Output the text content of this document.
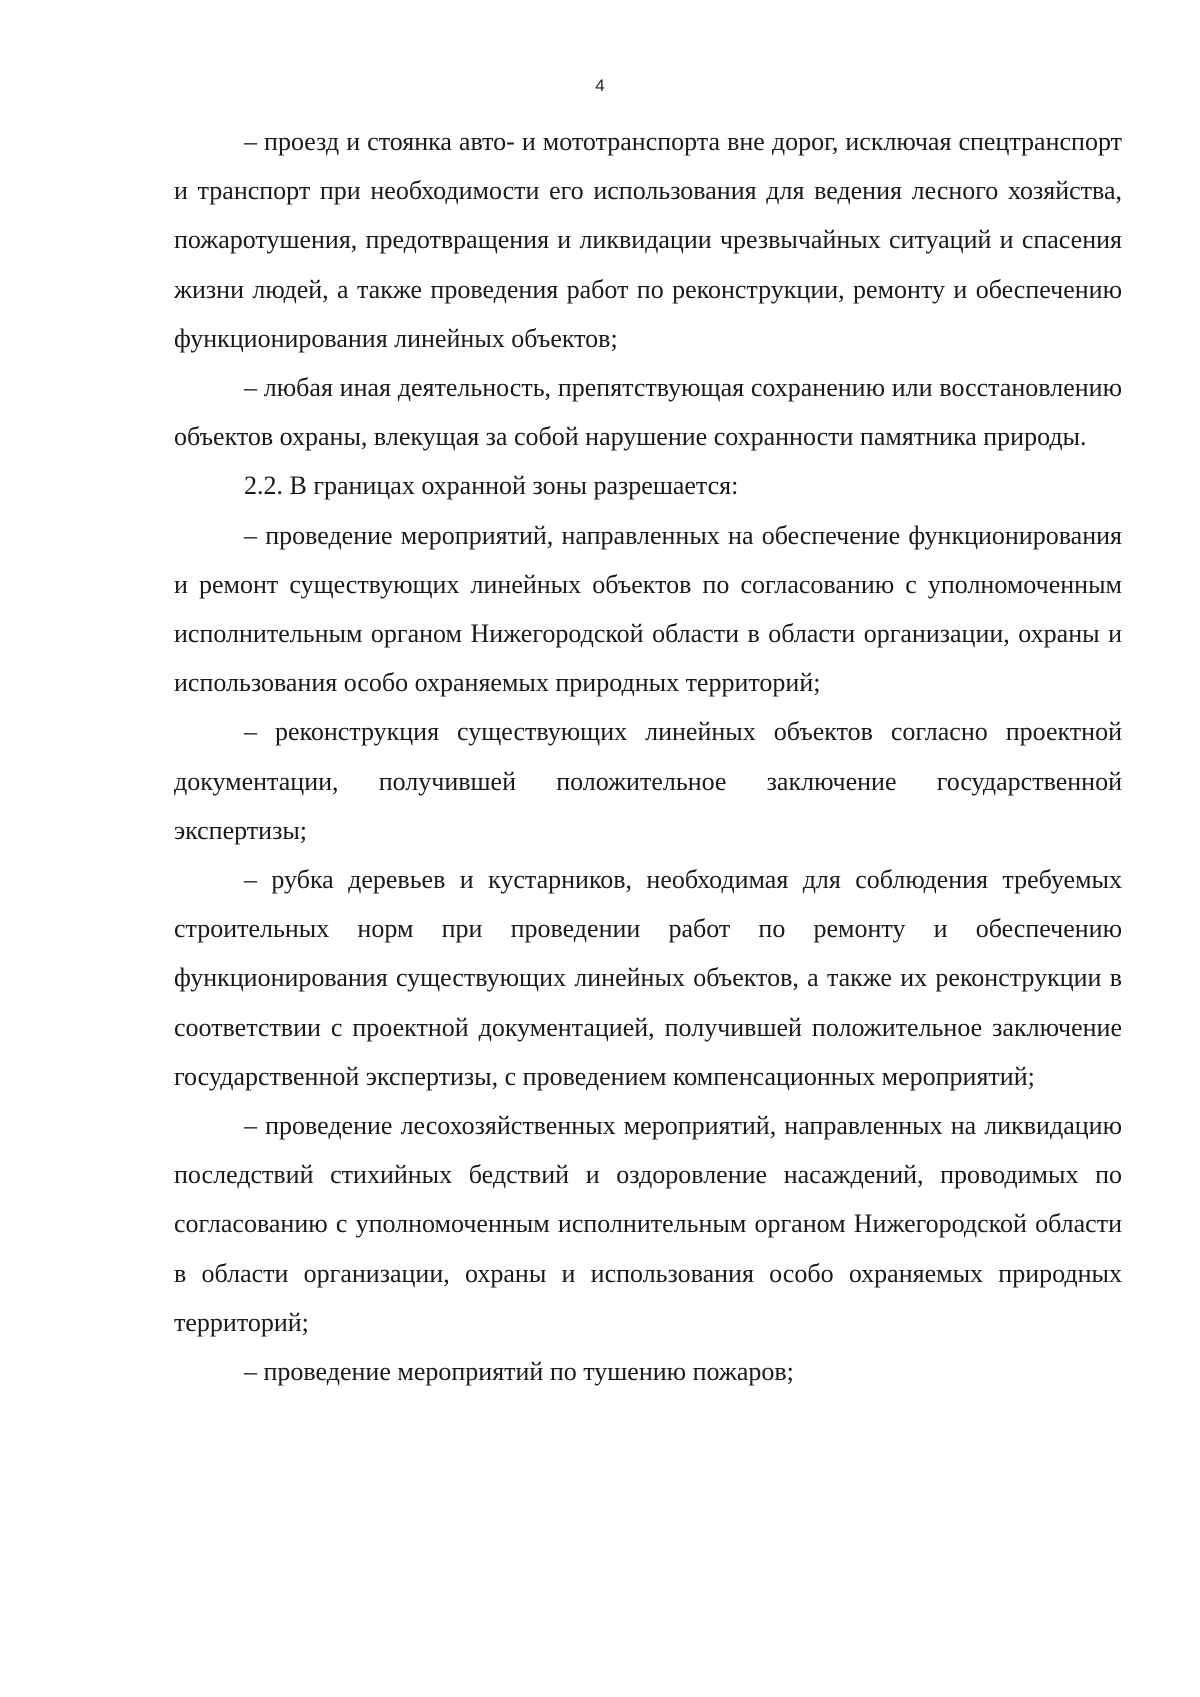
4

– проезд и стоянка авто- и мототранспорта вне дорог, исключая спецтранспорт и транспорт при необходимости его использования для ведения лесного хозяйства, пожаротушения, предотвращения и ликвидации чрезвычайных ситуаций и спасения жизни людей, а также проведения работ по реконструкции, ремонту и обеспечению функционирования линейных объектов;

– любая иная деятельность, препятствующая сохранению или восстановлению объектов охраны, влекущая за собой нарушение сохранности памятника природы.

2.2. В границах охранной зоны разрешается:

– проведение мероприятий, направленных на обеспечение функционирования и ремонт существующих линейных объектов по согласованию с уполномоченным исполнительным органом Нижегородской области в области организации, охраны и использования особо охраняемых природных территорий;

– реконструкция существующих линейных объектов согласно проектной документации, получившей положительное заключение государственной экспертизы;

– рубка деревьев и кустарников, необходимая для соблюдения требуемых строительных норм при проведении работ по ремонту и обеспечению функционирования существующих линейных объектов, а также их реконструкции в соответствии с проектной документацией, получившей положительное заключение государственной экспертизы, с проведением компенсационных мероприятий;

– проведение лесохозяйственных мероприятий, направленных на ликвидацию последствий стихийных бедствий и оздоровление насаждений, проводимых по согласованию с уполномоченным исполнительным органом Нижегородской области в области организации, охраны и использования особо охраняемых природных территорий;

– проведение мероприятий по тушению пожаров;
